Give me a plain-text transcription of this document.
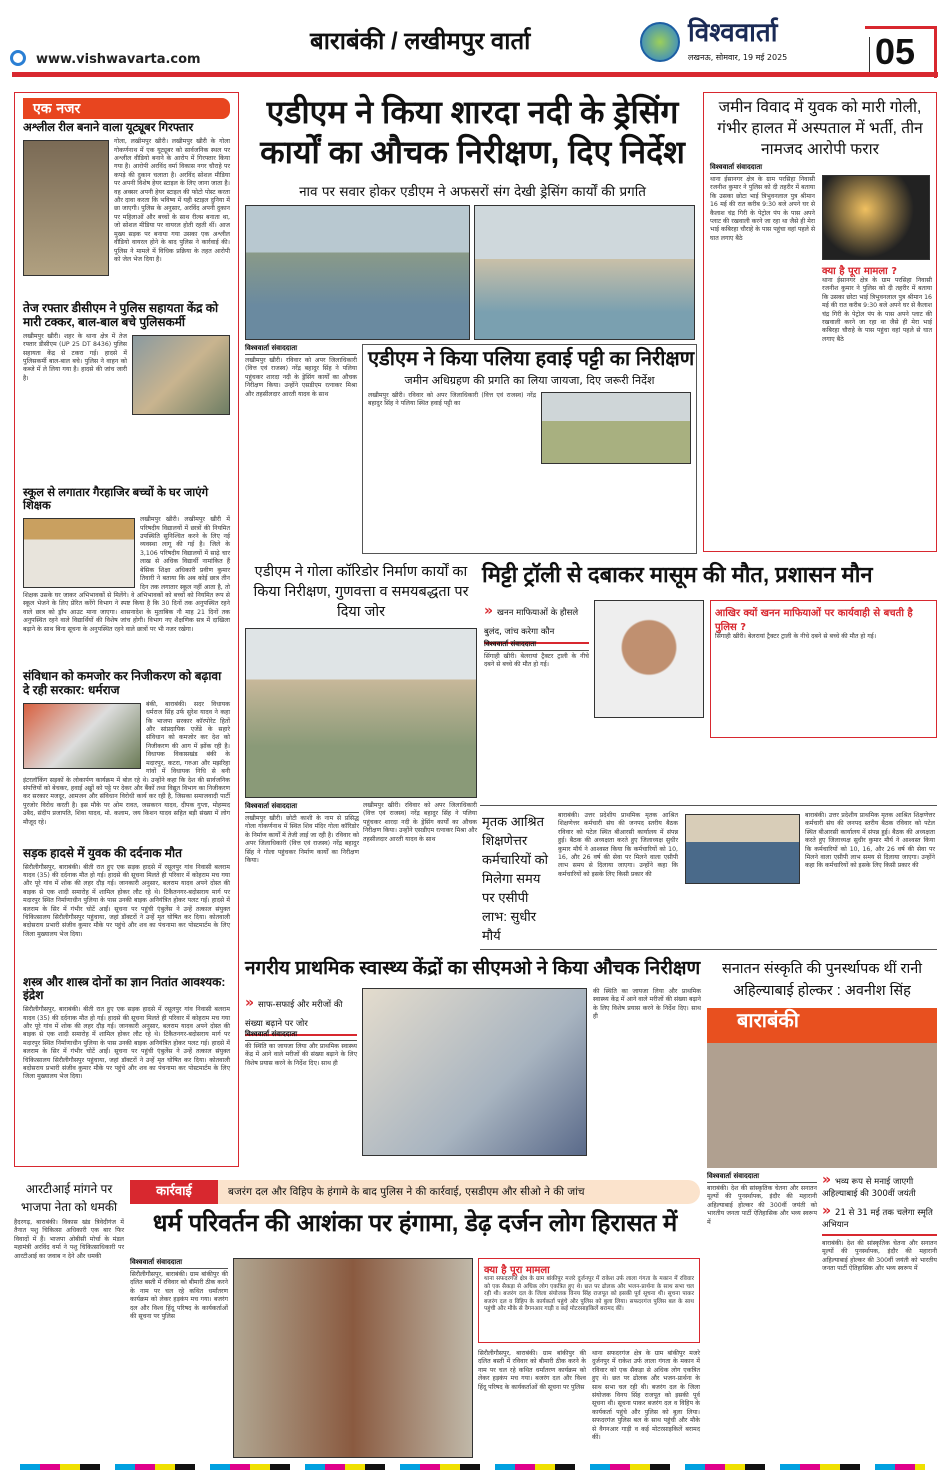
www.vishwavarta.com
बाराबंकी / लखीमपुर वार्ता	विश्ववार्ता
लखनऊ, सोमवार, 19 मई 2025 05
एक नजर
अश्लील रील बनाने वाला यूट्यूबर गिरफ्तार
गोला, लखीमपुर खीरी। लखीमपुर खीरी के गोला गोकर्णनाथ में एक यूट्यूबर को सार्वजनिक स्थल पर अश्लील वीडियो बनाने के आरोप में गिरफ्तार किया गया है। आरोपी अरविंद वर्मा विकास नगर चौराहे पर कपड़े की दुकान चलाता है। अरविंद सोशल मीडिया पर अपनी विशेष हेयर स्टाइल के लिए जाना जाता है। वह अक्सर अपनी हेयर स्टाइल की फोटो पोस्ट करता और दावा करता कि भविष्य में यही स्टाइल दुनिया में छा जाएगी। पुलिस के अनुसार, अरविंद अपनी दुकान पर महिलाओं और बच्चों के साथ रील्स बनाता था, जो सोशल मीडिया पर वायरल होती रहती थीं। आज मुख्य सड़क पर बनाया गया उसका एक अश्लील वीडियो वायरल होने के बाद पुलिस ने कार्रवाई की। पुलिस ने मामले में विधिक प्रक्रिया के तहत आरोपी को जेल भेज दिया है।
तेज रफ्तार डीसीएम ने पुलिस सहायता केंद्र को मारी टक्कर, बाल-बाल बचे पुलिसकर्मी
लखीमपुर खीरी। शहर के थाना क्षेत्र में तेज रफ्तार डीसीएम (UP 25 DT 8436) पुलिस सहायता केंद्र से टकरा गई। हादसे में पुलिसकर्मी बाल-बाल बचे। पुलिस ने वाहन को कब्जे में ले लिया गया है। हादसे की जांच जारी है।
स्कूल से लगातार गैरहाजिर बच्चों के घर जाएंगे शिक्षक
लखीमपुर खीरी। लखीमपुर खीरी में परिषदीय विद्यालयों में छात्रों की नियमित उपस्थिति सुनिश्चित करने के लिए नई व्यवस्था लागू की गई है। जिले के 3,106 परिषदीय विद्यालयों में साढ़े चार लाख से अधिक विद्यार्थी नामांकित हैं बेसिक शिक्षा अधिकारी प्रवीण कुमार तिवारी ने बताया कि अब कोई छात्र तीन दिन तक लगातार स्कूल नहीं आता है, तो शिक्षक उसके घर जाकर अभिभावकों से मिलेंगे। वे अभिभावकों को बच्चों को नियमित रूप से स्कूल भेजने के लिए प्रेरित करेंगे विभाग ने स्पष्ट किया है कि 30 दिनों तक अनुपस्थित रहने वाले छात्र को ड्रॉप आउट माना जाएगा। शासनादेश के मुताबिक नौ माह 21 दिनों तक अनुपस्थित रहने वाले विद्यार्थियों की विशेष जांच होगी। विभाग नए शैक्षणिक सत्र में दाखिला बढ़ाने के साथ बिना सूचना के अनुपस्थित रहने वाले छात्रों पर भी नजर रखेगा।
संविधान को कमजोर कर निजीकरण को बढ़ावा दे रही सरकार: धर्मराज
बंकी, बाराबंकी। सदर विधायक धर्मराज सिंह उर्फ सुरेश यादव ने कहा कि भाजपा सरकार कॉरपोरेट हितों और सांप्रदायिक एजेंडे के सहारे संविधान को कमजोर कर देश को निजीकरण की आग में झोंक रही है। विधायक विकासखंड बंकी के मदारपुर, कटरा, गरुआ और मझरिहा गांवों में विधायक निधि से बनी इंटरलॉकिंग सड़कों के लोकार्पण कार्यक्रम में बोल रहे थे। उन्होंने कहा कि देश की सार्वजनिक संपत्तियों को बेचकर, हवाई अड्डों को पट्टे पर देकर और बैंकों तथा विद्युत विभाग का निजीकरण कर सरकार मजदूर, आमजन और संविधान विरोधी कार्य कर रही है, जिसका समाजवादी पार्टी पुरजोर विरोध करती है। इस मौके पर ओम रावत, जसकरन यादव, दीपक गुप्ता, मोहम्मद उबैद, संदीप प्रजापति, शिवा यादव, मो. कलाम, जय किशन यादव सहित बड़ी संख्या में लोग मौजूद रहे।
सड़क हादसे में युवक की दर्दनाक मौत
सिरौलीगौसपुर, बाराबंकी। बीती रात हुए एक सड़क हादसे में रसूलपुर गांव निवासी बलराम यादव (35) की दर्दनाक मौत हो गई। हादसे की सूचना मिलते ही परिवार में कोहराम मच गया और पूरे गांव में शोक की लहर दौड़ गई। जानकारी अनुसार, बलराम यादव अपने दोस्त की बाइक से एक शादी समारोह में शामिल होकर लौट रहे थे। टिकैतनगर-बदोसराय मार्ग पर मदारपुर स्थित निर्माणाधीन पुलिया के पास उनकी बाइक अनियंत्रित होकर पलट गई। हादसे में बलराम के सिर में गंभीर चोटें आईं। सूचना पर पहुंची एंबुलेंस ने उन्हें तत्काल संयुक्त चिकित्सालय सिरौलीगौसपुर पहुंचाया, जहां डॉक्टरों ने उन्हें मृत घोषित कर दिया। कोतवाली बदोसराय प्रभारी संजीव कुमार मौके पर पहुंचे और शव का पंचनामा कर पोस्टमार्टम के लिए जिला मुख्यालय भेज दिया।
शस्त्र और शास्त्र दोनों का ज्ञान नितांत आवश्यक: इंद्रेश
सिरौलीगौसपुर, बाराबंकी। बीती रात हुए एक सड़क हादसे में रसूलपुर गांव निवासी बलराम यादव (35) की दर्दनाक मौत हो गई। हादसे की सूचना मिलते ही परिवार में कोहराम मच गया और पूरे गांव में शोक की लहर दौड़ गई। जानकारी अनुसार, बलराम यादव अपने दोस्त की बाइक से एक शादी समारोह में शामिल होकर लौट रहे थे। टिकैतनगर-बदोसराय मार्ग पर मदारपुर स्थित निर्माणाधीन पुलिया के पास उनकी बाइक अनियंत्रित होकर पलट गई। हादसे में बलराम के सिर में गंभीर चोटें आईं। सूचना पर पहुंची एंबुलेंस ने उन्हें तत्काल संयुक्त चिकित्सालय सिरौलीगौसपुर पहुंचाया, जहां डॉक्टरों ने उन्हें मृत घोषित कर दिया। कोतवाली बदोसराय प्रभारी संजीव कुमार मौके पर पहुंचे और शव का पंचनामा कर पोस्टमार्टम के लिए जिला मुख्यालय भेज दिया।
एडीएम ने किया शारदा नदी के ड्रेसिंग कार्यों का औचक निरीक्षण, दिए निर्देश
नाव पर सवार होकर एडीएम ने अफसरों संग देखी ड्रेसिंग कार्यों की प्रगति
विश्ववार्ता संवाददाता
लखीमपुर खीरी। रविवार को अपर जिलाधिकारी (वित्त एवं राजस्व) नरेंद्र बहादुर सिंह ने पलिया पहुंचकर शारदा नदी के ड्रेसिंग कार्यों का औचक निरीक्षण किया। उन्होंने एसडीएम रत्नाकर मिश्रा और तहसीलदार आरती यादव के साथ
एडीएम ने किया पलिया हवाई पट्टी का निरीक्षण
जमीन अधिग्रहण की प्रगति का लिया जायजा, दिए जरूरी निर्देश
लखीमपुर खीरी। रविवार को अपर जिलाधिकारी (वित्त एवं राजस्व) नरेंद्र बहादुर सिंह ने पलिया स्थित हवाई पट्टी का
जमीन विवाद में युवक को मारी गोली, गंभीर हालत में अस्पताल में भर्ती, तीन नामजद आरोपी फरार
विश्ववार्ता संवाददाता
थाना ईसानगर क्षेत्र के ग्राम परसिहा निवासी रजनीश कुमार ने पुलिस को दी तहरीर में बताया कि उसका छोटा भाई त्रिभुवनलाल पुत्र श्रीमान 16 मई की रात करीब 9:30 बजे अपने घर से कैलाश चंद्र गिरी के पेट्रोल पंप के पास अपने प्लाट की रखवाली करने जा रहा था जैसे ही मेरा भाई कबिरहा चौराहे के पास पहुंचा वहां पहले से घात लगाए बैठे
क्या है पूरा मामला ?
थाना ईसानगर क्षेत्र के ग्राम परसिहा निवासी रजनीश कुमार ने पुलिस को दी तहरीर में बताया कि उसका छोटा भाई त्रिभुवनलाल पुत्र श्रीमान 16 मई की रात करीब 9:30 बजे अपने घर से कैलाश चंद्र गिरी के पेट्रोल पंप के पास अपने प्लाट की रखवाली करने जा रहा था जैसे ही मेरा भाई कबिरहा चौराहे के पास पहुंचा वहां पहले से घात लगाए बैठे
एडीएम ने गोला कॉरिडोर निर्माण कार्यों का किया निरीक्षण, गुणवत्ता व समयबद्धता पर दिया जोर
विश्ववार्ता संवाददाता
लखीमपुर खीरी। छोटी काशी के नाम से प्रसिद्ध गोला गोकर्णनाथ में स्थित शिव मंदिर गोला कॉरिडोर के निर्माण कार्यों में तेजी लाई जा रही है। रविवार को अपर जिलाधिकारी (वित्त एवं राजस्व) नरेंद्र बहादुर सिंह ने गोला पहुंचकर निर्माण कार्यों का निरीक्षण किया।
लखीमपुर खीरी। रविवार को अपर जिलाधिकारी (वित्त एवं राजस्व) नरेंद्र बहादुर सिंह ने पलिया पहुंचकर शारदा नदी के ड्रेसिंग कार्यों का औचक निरीक्षण किया। उन्होंने एसडीएम रत्नाकर मिश्रा और तहसीलदार आरती यादव के साथ
मिट्टी ट्रॉली से दबाकर मासूम की मौत, प्रशासन मौन
» खनन माफियाओं के हौसले बुलंद, जांच करेगा कौन
विश्ववार्ता संवाददाता
सिंगाही खीरी। बेलरायां ट्रैक्टर ट्राली के नीचे दबने से बच्चे की मौत हो गई।
आखिर क्यों खनन माफियाओं पर कार्यवाही से बचती है पुलिस ?
सिंगाही खीरी। बेलरायां ट्रैक्टर ट्राली के नीचे दबने से बच्चे की मौत हो गई।
मृतक आश्रित शिक्षणेत्तर कर्मचारियों को मिलेगा समय पर एसीपी लाभ: सुधीर मौर्य
बाराबंकी। उत्तर प्रदेशीय प्राथमिक मृतक आश्रित शिक्षणेत्तर कर्मचारी संघ की जनपद स्तरीय बैठक रविवार को पटेल स्थित बीआरसी कार्यालय में संपन्न हुई। बैठक की अध्यक्षता करते हुए जिलाध्यक्ष सुधीर कुमार मौर्य ने आश्वस्त किया कि कर्मचारियों को 10, 16, और 26 वर्ष की सेवा पर मिलने वाला एसीपी लाभ समय से दिलाया जाएगा। उन्होंने कहा कि कर्मचारियों को इसके लिए किसी प्रकार की
बाराबंकी। उत्तर प्रदेशीय प्राथमिक मृतक आश्रित शिक्षणेत्तर कर्मचारी संघ की जनपद स्तरीय बैठक रविवार को पटेल स्थित बीआरसी कार्यालय में संपन्न हुई। बैठक की अध्यक्षता करते हुए जिलाध्यक्ष सुधीर कुमार मौर्य ने आश्वस्त किया कि कर्मचारियों को 10, 16, और 26 वर्ष की सेवा पर मिलने वाला एसीपी लाभ समय से दिलाया जाएगा। उन्होंने कहा कि कर्मचारियों को इसके लिए किसी प्रकार की
नगरीय प्राथमिक स्वास्थ्य केंद्रों का सीएमओ ने किया औचक निरीक्षण
» साफ-सफाई और मरीजों की संख्या बढ़ाने पर जोर
विश्ववार्ता संवाददाता
की स्थिति का जायजा लिया और प्राथमिक स्वास्थ्य केंद्र में आने वाले मरीजों की संख्या बढ़ाने के लिए विशेष प्रयास करने के निर्देश दिए। साथ ही
की स्थिति का जायजा लिया और प्राथमिक स्वास्थ्य केंद्र में आने वाले मरीजों की संख्या बढ़ाने के लिए विशेष प्रयास करने के निर्देश दिए। साथ ही
सनातन संस्कृति की पुनर्स्थापक थीं रानी अहिल्याबाई होल्कर : अवनीश सिंह
बाराबंकी
विश्ववार्ता संवाददाता
बाराबंकी। देश की सांस्कृतिक चेतना और सनातन मूल्यों की पुनर्स्थापक, इंदौर की महारानी अहिल्याबाई होल्कर की 300वीं जयंती को भारतीय जनता पार्टी ऐतिहासिक और भव्य स्वरूप में
» भव्य रूप से मनाई जाएगी अहिल्याबाई की 300वीं जयंती
» 21 से 31 मई तक चलेगा स्मृति अभियान
बाराबंकी। देश की सांस्कृतिक चेतना और सनातन मूल्यों की पुनर्स्थापक, इंदौर की महारानी अहिल्याबाई होल्कर की 300वीं जयंती को भारतीय जनता पार्टी ऐतिहासिक और भव्य स्वरूप में
आरटीआई मांगने पर भाजपा नेता को धमकी
हैदरगढ़, बाराबंकी। विकास खंड त्रिवेदीगंज में तैनात पशु चिकित्सा अधिकारी एक बार फिर विवादों में हैं। भाजपा ओबीसी मोर्चा के मंडल महामंत्री अरविंद वर्मा ने पशु चिकित्साधिकारी पर आरटीआई का जवाब न देने और धमकी
कार्रवाई	बजरंग दल और विहिप के हंगामे के बाद पुलिस ने की कार्रवाई, एसडीएम और सीओ ने की जांच
धर्म परिवर्तन की आशंका पर हंगामा, डेढ़ दर्जन लोग हिरासत में
विश्ववार्ता संवाददाता
सिरौलीगौसपुर, बाराबंकी। ग्राम बांकीपुर की दलित बस्ती में रविवार को बीमारी ठीक करने के नाम पर चल रहे कथित धर्मांतरण कार्यक्रम को लेकर हड़कंप मच गया। बजरंग दल और विश्व हिंदू परिषद के कार्यकर्ताओं की सूचना पर पुलिस
क्या है पूरा मामला
थाना सफदरगंज क्षेत्र के ग्राम बांकीपुर मजरे दुर्जनपुर में राकेश उर्फ लाला गंगता के मकान में रविवार को एक सैकड़ा से अधिक लोग एकत्रित हुए थे। छत पर ढोलक और भजन-प्रार्थना के साथ सभा चल रही थी। बजरंग दल के जिला संयोजक विनय सिंह राजपूत को इसकी पूर्व सूचना थी। सूचना पाकर बजरंग दल व विहिप के कार्यकर्ता पहुंचे और पुलिस को बुला लिया। सफदरगंज पुलिस बल के साथ पहुंची और मौके से वैगनआर गाड़ी व कई मोटरसाइकिलें बरामद कीं।
सिरौलीगौसपुर, बाराबंकी। ग्राम बांकीपुर की दलित बस्ती में रविवार को बीमारी ठीक करने के नाम पर चल रहे कथित धर्मांतरण कार्यक्रम को लेकर हड़कंप मच गया। बजरंग दल और विश्व हिंदू परिषद के कार्यकर्ताओं की सूचना पर पुलिस
थाना सफदरगंज क्षेत्र के ग्राम बांकीपुर मजरे दुर्जनपुर में राकेश उर्फ लाला गंगता के मकान में रविवार को एक सैकड़ा से अधिक लोग एकत्रित हुए थे। छत पर ढोलक और भजन-प्रार्थना के साथ सभा चल रही थी। बजरंग दल के जिला संयोजक विनय सिंह राजपूत को इसकी पूर्व सूचना थी। सूचना पाकर बजरंग दल व विहिप के कार्यकर्ता पहुंचे और पुलिस को बुला लिया। सफदरगंज पुलिस बल के साथ पहुंची और मौके से वैगनआर गाड़ी व कई मोटरसाइकिलें बरामद कीं।
